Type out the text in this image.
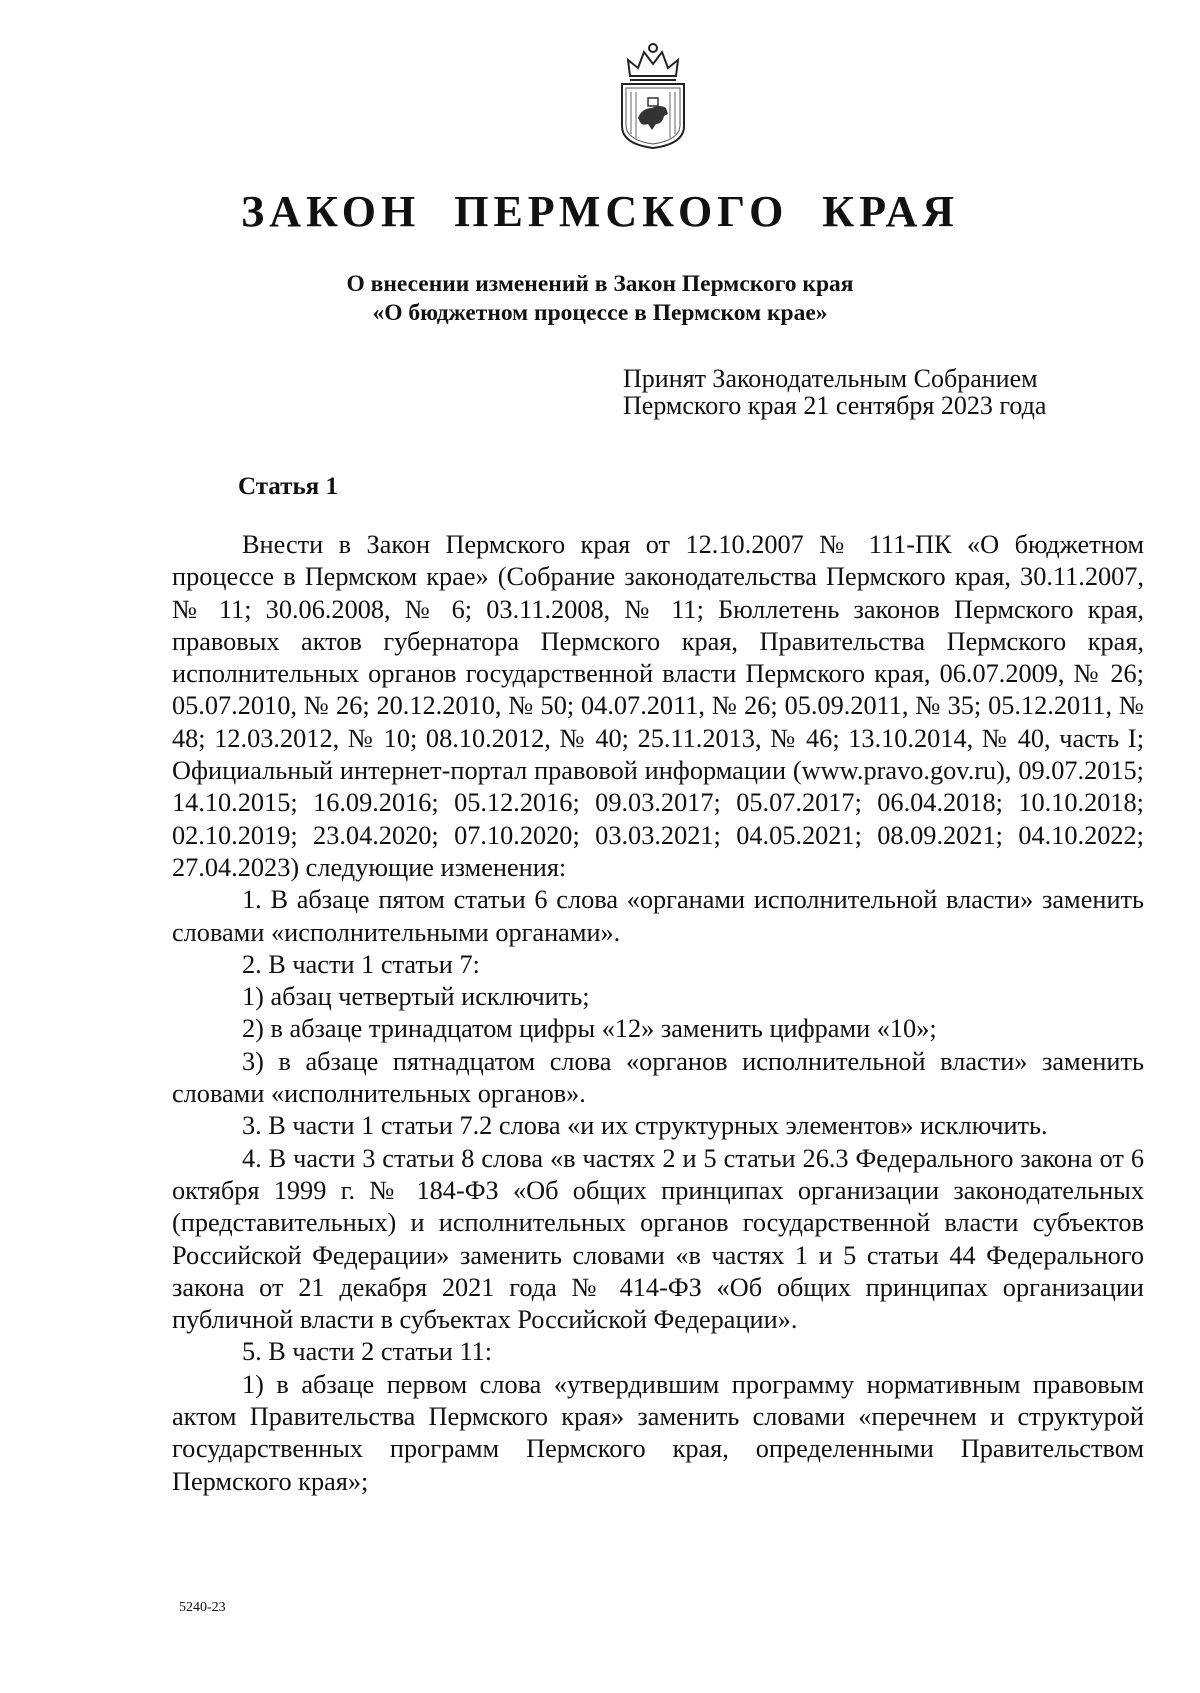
ЗАКОН ПЕРМСКОГО КРАЯ
О внесении изменений в Закон Пермского края
«О бюджетном процессе в Пермском крае»
Принят Законодательным Собранием
Пермского края 21 сентября 2023 года
Статья 1

Внести в Закон Пермского края от 12.10.2007 № 111-ПК «О бюджетном процессе в Пермском крае» (Собрание законодательства Пермского края, 30.11.2007, № 11; 30.06.2008, № 6; 03.11.2008, № 11; Бюллетень законов Пермского края, правовых актов губернатора Пермского края, Правительства Пермского края, исполнительных органов государственной власти Пермского края, 06.07.2009, № 26; 05.07.2010, № 26; 20.12.2010, № 50; 04.07.2011, № 26; 05.09.2011, № 35; 05.12.2011, № 48; 12.03.2012, № 10; 08.10.2012, № 40; 25.11.2013, № 46; 13.10.2014, № 40, часть I; Официальный интернет-портал правовой информации (www.pravo.gov.ru), 09.07.2015; 14.10.2015; 16.09.2016; 05.12.2016; 09.03.2017; 05.07.2017; 06.04.2018; 10.10.2018; 02.10.2019; 23.04.2020; 07.10.2020; 03.03.2021; 04.05.2021; 08.09.2021; 04.10.2022; 27.04.2023) следующие изменения:

1. В абзаце пятом статьи 6 слова «органами исполнительной власти» заменить словами «исполнительными органами».

2. В части 1 статьи 7:

1) абзац четвертый исключить;

2) в абзаце тринадцатом цифры «12» заменить цифрами «10»;

3) в абзаце пятнадцатом слова «органов исполнительной власти» заменить словами «исполнительных органов».

3. В части 1 статьи 7.2 слова «и их структурных элементов» исключить.

4. В части 3 статьи 8 слова «в частях 2 и 5 статьи 26.3 Федерального закона от 6 октября 1999 г. № 184-ФЗ «Об общих принципах организации законодательных (представительных) и исполнительных органов государственной власти субъектов Российской Федерации» заменить словами «в частях 1 и 5 статьи 44 Федерального закона от 21 декабря 2021 года № 414-ФЗ «Об общих принципах организации публичной власти в субъектах Российской Федерации».

5. В части 2 статьи 11:

1) в абзаце первом слова «утвердившим программу нормативным правовым актом Правительства Пермского края» заменить словами «перечнем и структурой государственных программ Пермского края, определенными Правительством Пермского края»;

5240-23
